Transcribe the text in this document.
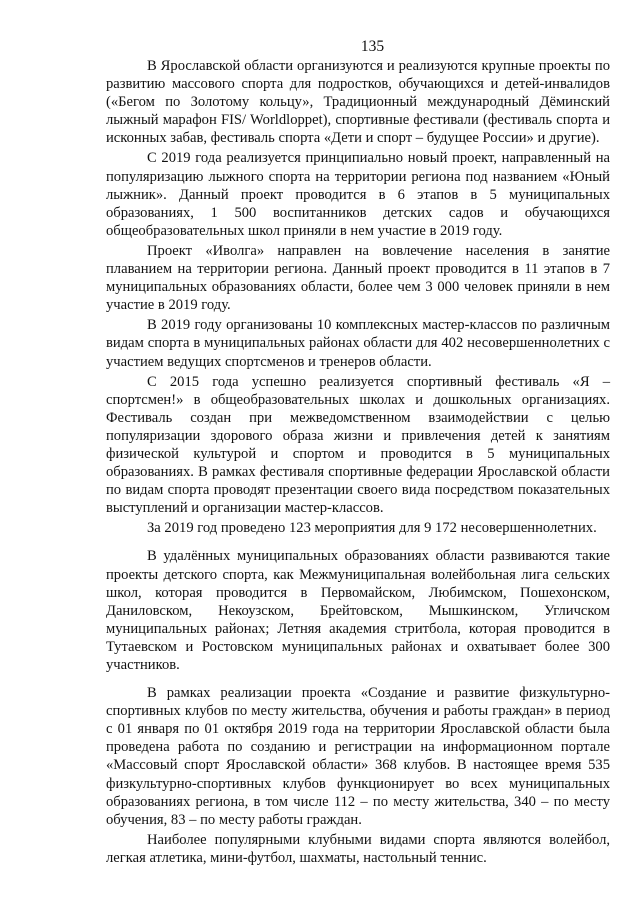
135

В Ярославской области организуются и реализуются крупные проекты по развитию массового спорта для подростков, обучающихся и детей-инвалидов («Бегом по Золотому кольцу», Традиционный международный Дёминский лыжный марафон FIS/ Worldloppet), спортивные фестивали (фестиваль спорта и исконных забав, фестиваль спорта «Дети и спорт – будущее России» и другие).

С 2019 года реализуется принципиально новый проект, направленный на популяризацию лыжного спорта на территории региона под названием «Юный лыжник». Данный проект проводится в 6 этапов в 5 муниципальных образованиях, 1 500 воспитанников детских садов и обучающихся общеобразовательных школ приняли в нем участие в 2019 году.

Проект «Иволга» направлен на вовлечение населения в занятие плаванием на территории региона. Данный проект проводится в 11 этапов в 7 муниципальных образованиях области, более чем 3 000 человек приняли в нем участие в 2019 году.

В 2019 году организованы 10 комплексных мастер-классов по различным видам спорта в муниципальных районах области для 402 несовершеннолетних с участием ведущих спортсменов и тренеров области.

С 2015 года успешно реализуется спортивный фестиваль «Я – спортсмен!» в общеобразовательных школах и дошкольных организациях. Фестиваль создан при межведомственном взаимодействии с целью популяризации здорового образа жизни и привлечения детей к занятиям физической культурой и спортом и проводится в 5 муниципальных образованиях. В рамках фестиваля спортивные федерации Ярославской области по видам спорта проводят презентации своего вида посредством показательных выступлений и организации мастер-классов.

За 2019 год проведено 123 мероприятия для 9 172 несовершеннолетних.

В удалённых муниципальных образованиях области развиваются такие проекты детского спорта, как Межмуниципальная волейбольная лига сельских школ, которая проводится в Первомайском, Любимском, Пошехонском, Даниловском, Некоузском, Брейтовском, Мышкинском, Угличском муниципальных районах; Летняя академия стритбола, которая проводится в Тутаевском и Ростовском муниципальных районах и охватывает более 300 участников.

В рамках реализации проекта «Создание и развитие физкультурно-спортивных клубов по месту жительства, обучения и работы граждан» в период с 01 января по 01 октября 2019 года на территории Ярославской области была проведена работа по созданию и регистрации на информационном портале «Массовый спорт Ярославской области» 368 клубов. В настоящее время 535 физкультурно-спортивных клубов функционирует во всех муниципальных образованиях региона, в том числе 112 – по месту жительства, 340 – по месту обучения, 83 – по месту работы граждан.

Наиболее популярными клубными видами спорта являются волейбол, легкая атлетика, мини-футбол, шахматы, настольный теннис.
